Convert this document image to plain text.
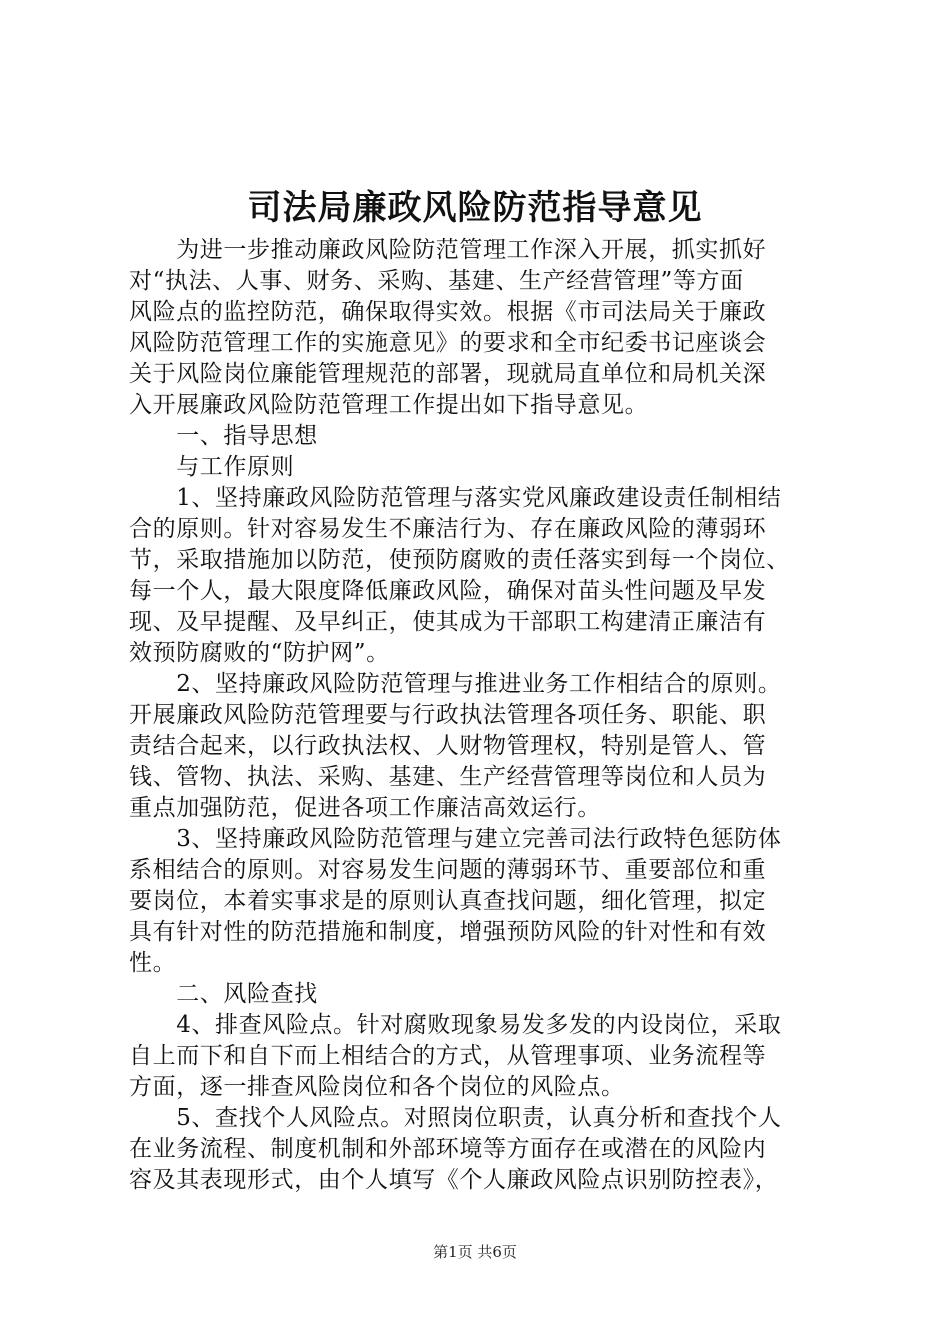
司法局廉政风险防范指导意见
　　为进一步推动廉政风险防范管理工作深入开展，抓实抓好
对“执法、人事、财务、采购、基建、生产经营管理”等方面
风险点的监控防范，确保取得实效。根据《市司法局关于廉政
风险防范管理工作的实施意见》的要求和全市纪委书记座谈会
关于风险岗位廉能管理规范的部署，现就局直单位和局机关深
入开展廉政风险防范管理工作提出如下指导意见。
　　一、指导思想
　　与工作原则
　　1、坚持廉政风险防范管理与落实党风廉政建设责任制相结
合的原则。针对容易发生不廉洁行为、存在廉政风险的薄弱环
节，采取措施加以防范，使预防腐败的责任落实到每一个岗位、
每一个人，最大限度降低廉政风险，确保对苗头性问题及早发
现、及早提醒、及早纠正，使其成为干部职工构建清正廉洁有
效预防腐败的“防护网”。
　　2、坚持廉政风险防范管理与推进业务工作相结合的原则。
开展廉政风险防范管理要与行政执法管理各项任务、职能、职
责结合起来，以行政执法权、人财物管理权，特别是管人、管
钱、管物、执法、采购、基建、生产经营管理等岗位和人员为
重点加强防范，促进各项工作廉洁高效运行。
　　3、坚持廉政风险防范管理与建立完善司法行政特色惩防体
系相结合的原则。对容易发生问题的薄弱环节、重要部位和重
要岗位，本着实事求是的原则认真查找问题，细化管理，拟定
具有针对性的防范措施和制度，增强预防风险的针对性和有效
性。
　　二、风险查找
　　4、排查风险点。针对腐败现象易发多发的内设岗位，采取
自上而下和自下而上相结合的方式，从管理事项、业务流程等
方面，逐一排查风险岗位和各个岗位的风险点。
　　5、查找个人风险点。对照岗位职责，认真分析和查找个人
在业务流程、制度机制和外部环境等方面存在或潜在的风险内
容及其表现形式，由个人填写《个人廉政风险点识别防控表》，
第1页 共6页
